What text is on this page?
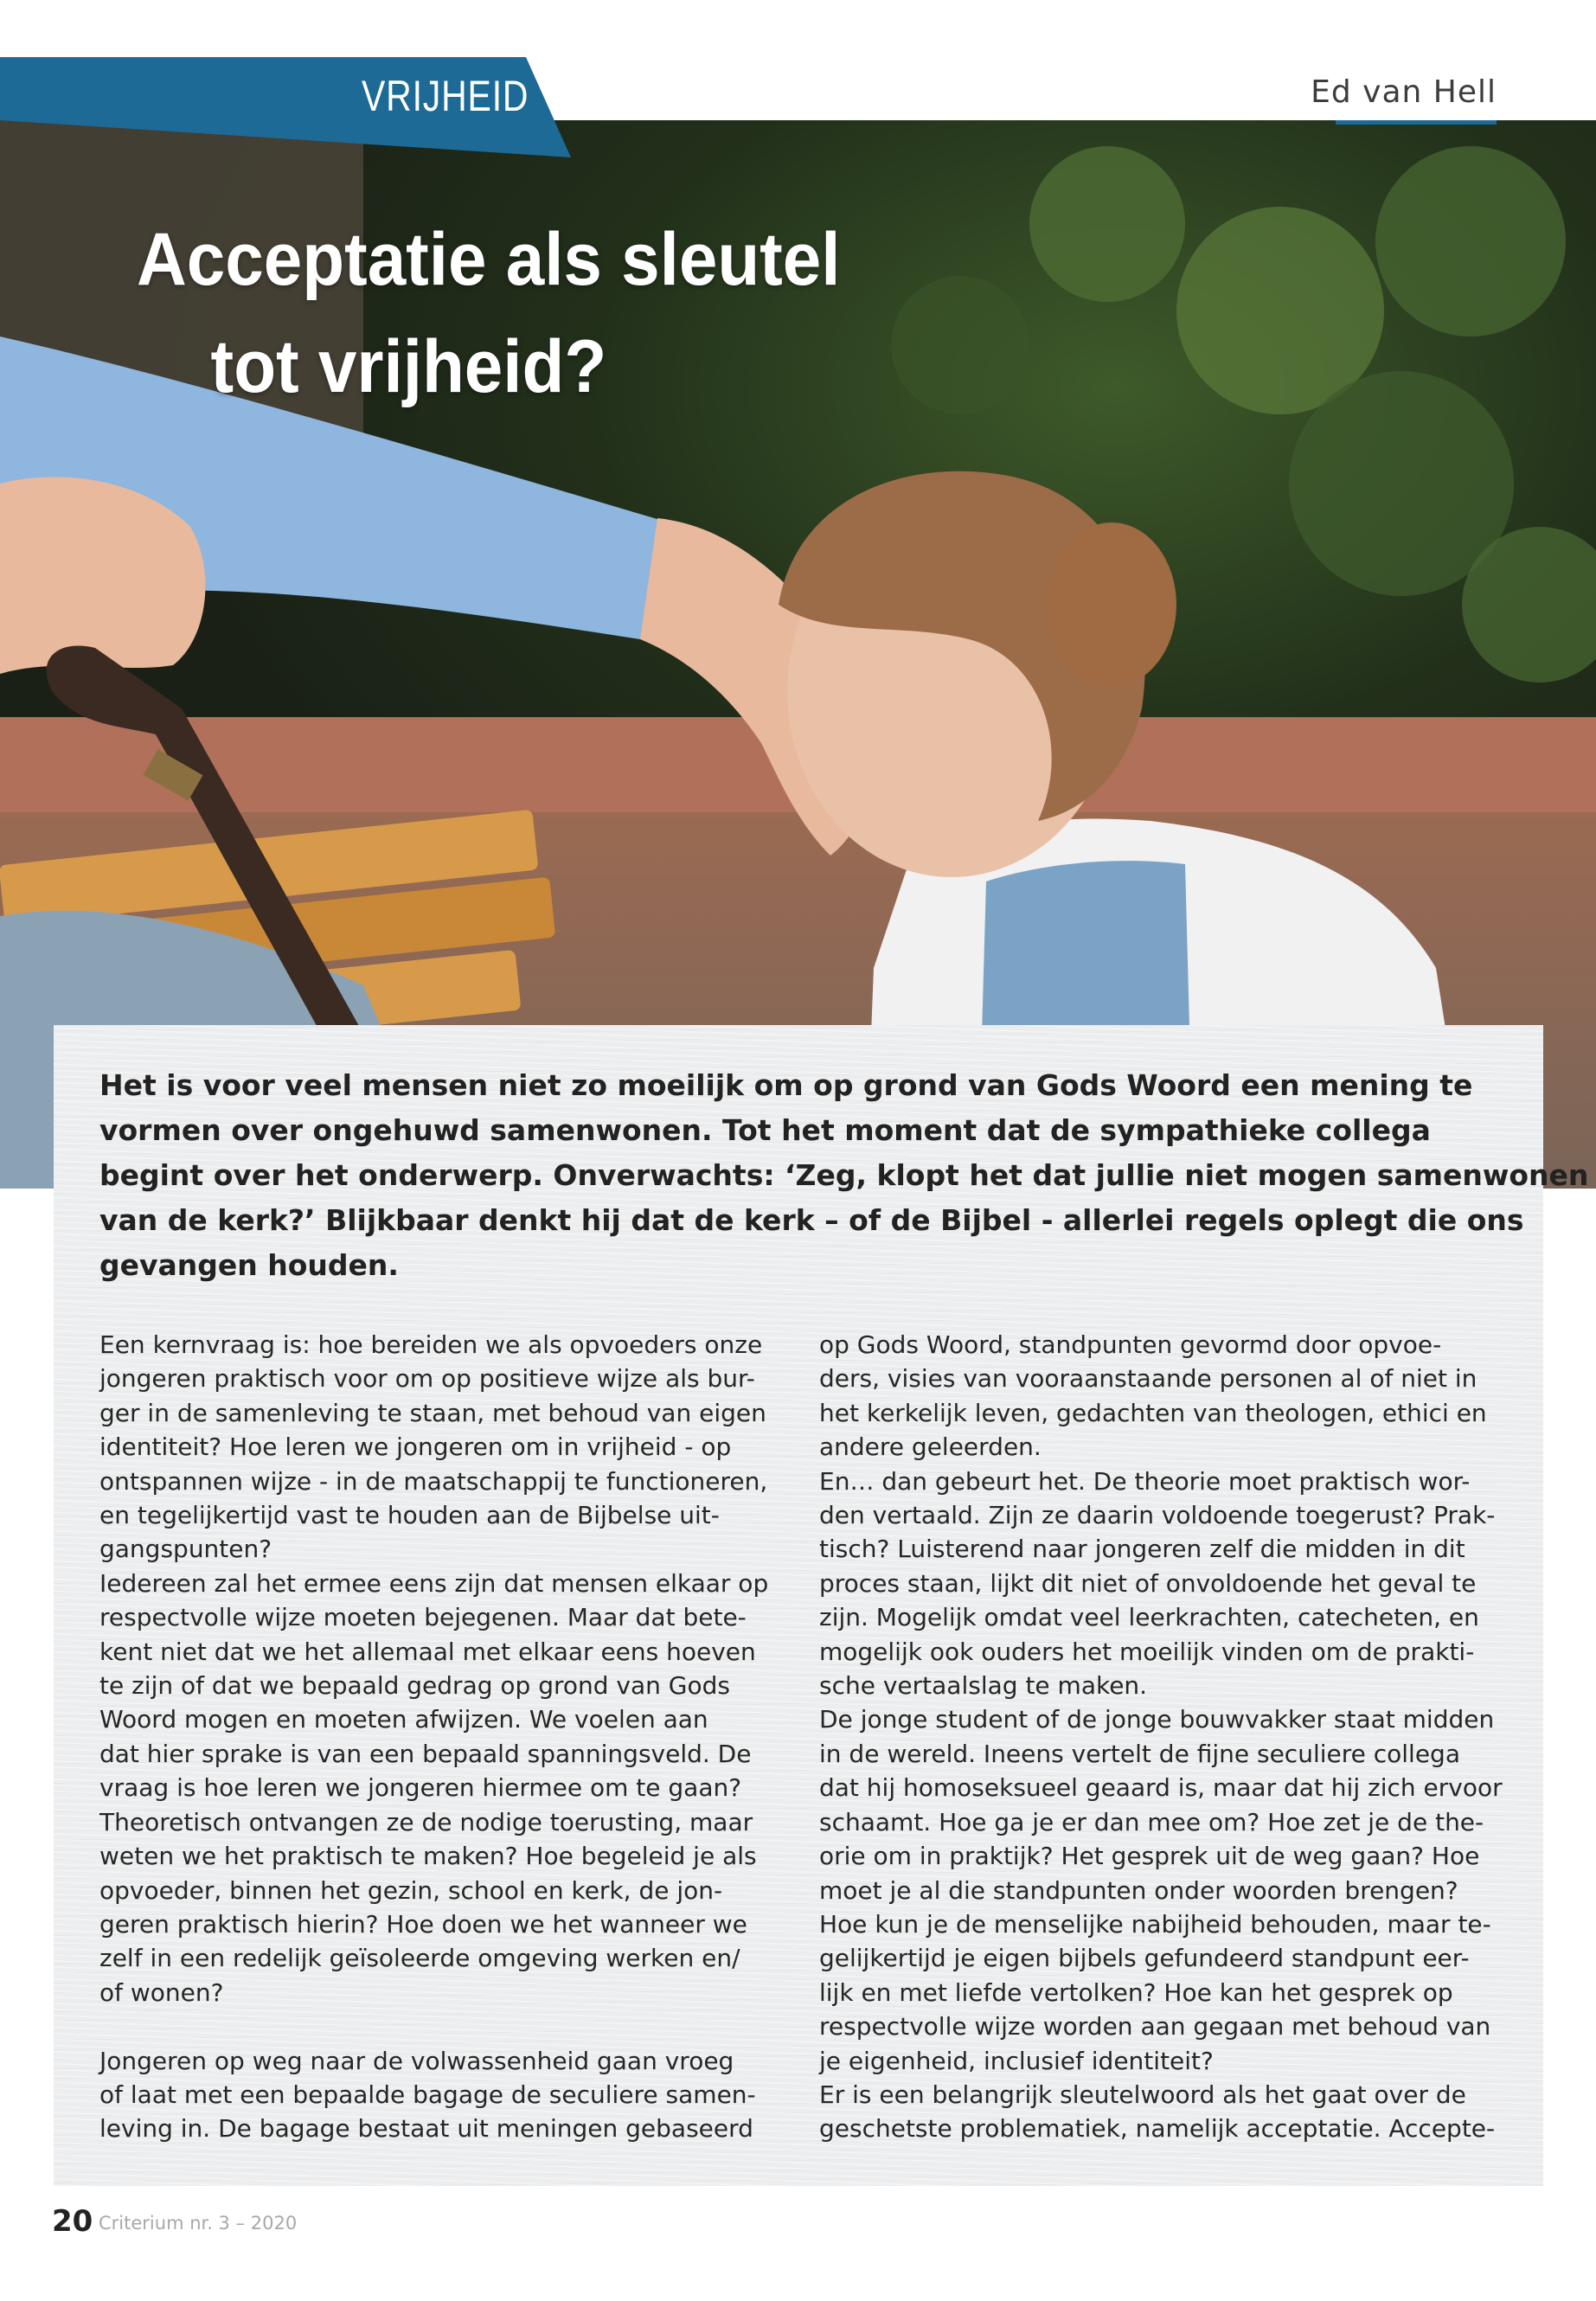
VRIJHEID	Ed van Hell
Acceptatie als sleutel
tot vrijheid?

Het is voor veel mensen niet zo moeilijk om op grond van Gods Woord een mening te
vormen over ongehuwd samenwonen. Tot het moment dat de sympathieke collega
begint over het onderwerp. Onverwachts: ‘Zeg, klopt het dat jullie niet mogen samenwonen
van de kerk?’ Blijkbaar denkt hij dat de kerk – of de Bijbel - allerlei regels oplegt die ons
gevangen houden.

Een kernvraag is: hoe bereiden we als opvoeders onze
jongeren praktisch voor om op positieve wijze als bur-
ger in de samenleving te staan, met behoud van eigen
identiteit? Hoe leren we jongeren om in vrijheid - op
ontspannen wijze - in de maatschappij te functioneren,
en tegelijkertijd vast te houden aan de Bijbelse uit-
gangspunten?
Iedereen zal het ermee eens zijn dat mensen elkaar op
respectvolle wijze moeten bejegenen. Maar dat bete-
kent niet dat we het allemaal met elkaar eens hoeven
te zijn of dat we bepaald gedrag op grond van Gods
Woord mogen en moeten afwijzen. We voelen aan
dat hier sprake is van een bepaald spanningsveld. De
vraag is hoe leren we jongeren hiermee om te gaan?
Theoretisch ontvangen ze de nodige toerusting, maar
weten we het praktisch te maken? Hoe begeleid je als
opvoeder, binnen het gezin, school en kerk, de jon-
geren praktisch hierin? Hoe doen we het wanneer we
zelf in een redelijk geïsoleerde omgeving werken en/
of wonen?
Jongeren op weg naar de volwassenheid gaan vroeg
of laat met een bepaalde bagage de seculiere samen-
leving in. De bagage bestaat uit meningen gebaseerd
op Gods Woord, standpunten gevormd door opvoe-
ders, visies van vooraanstaande personen al of niet in
het kerkelijk leven, gedachten van theologen, ethici en
andere geleerden.
En… dan gebeurt het. De theorie moet praktisch wor-
den vertaald. Zijn ze daarin voldoende toegerust? Prak-
tisch? Luisterend naar jongeren zelf die midden in dit
proces staan, lijkt dit niet of onvoldoende het geval te
zijn. Mogelijk omdat veel leerkrachten, catecheten, en
mogelijk ook ouders het moeilijk vinden om de prakti-
sche vertaalslag te maken.
De jonge student of de jonge bouwvakker staat midden
in de wereld. Ineens vertelt de fijne seculiere collega
dat hij homoseksueel geaard is, maar dat hij zich ervoor
schaamt. Hoe ga je er dan mee om? Hoe zet je de the-
orie om in praktijk? Het gesprek uit de weg gaan? Hoe
moet je al die standpunten onder woorden brengen?
Hoe kun je de menselijke nabijheid behouden, maar te-
gelijkertijd je eigen bijbels gefundeerd standpunt eer-
lijk en met liefde vertolken? Hoe kan het gesprek op
respectvolle wijze worden aan gegaan met behoud van
je eigenheid, inclusief identiteit?
Er is een belangrijk sleutelwoord als het gaat over de
geschetste problematiek, namelijk acceptatie. Accepte-
20 Criterium nr. 3 – 2020
